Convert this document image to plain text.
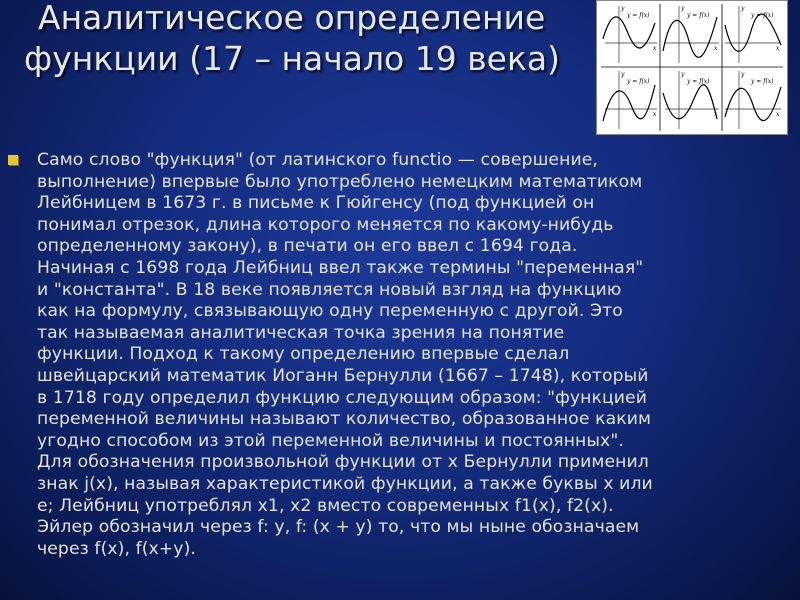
Аналитическое определение
функции (17 – начало 19 века)
y	y	y
y	y	y
x	x	x
x	x	x
y = f(x)	y = f(x)	y = f(x)
y = f(x)	y = f(x)	y = f(x)
Само слово "функция" (от латинского functio — совершение,
выполнение) впервые было употреблено немецким математиком
Лейбницем в 1673 г. в письме к Гюйгенсу (под функцией он
понимал отрезок, длина которого меняется по какому-нибудь
определенному закону), в печати он его ввел с 1694 года.
Начиная с 1698 года Лейбниц ввел также термины "переменная"
и "константа". В 18 веке появляется новый взгляд на функцию
как на формулу, связывающую одну переменную с другой. Это
так называемая аналитическая точка зрения на понятие
функции. Подход к такому определению впервые сделал
швейцарский математик Иоганн Бернулли (1667 – 1748), который
в 1718 году определил функцию следующим образом: "функцией
переменной величины называют количество, образованное каким
угодно способом из этой переменной величины и постоянных".
Для обозначения произвольной функции от x Бернулли применил
знак j(x), называя характеристикой функции, а также буквы x или
e; Лейбниц употреблял x1, x2 вместо современных f1(x), f2(x).
Эйлер обозначил через f: y, f: (x + y) то, что мы ныне обозначаем
через f(x), f(x+y).
